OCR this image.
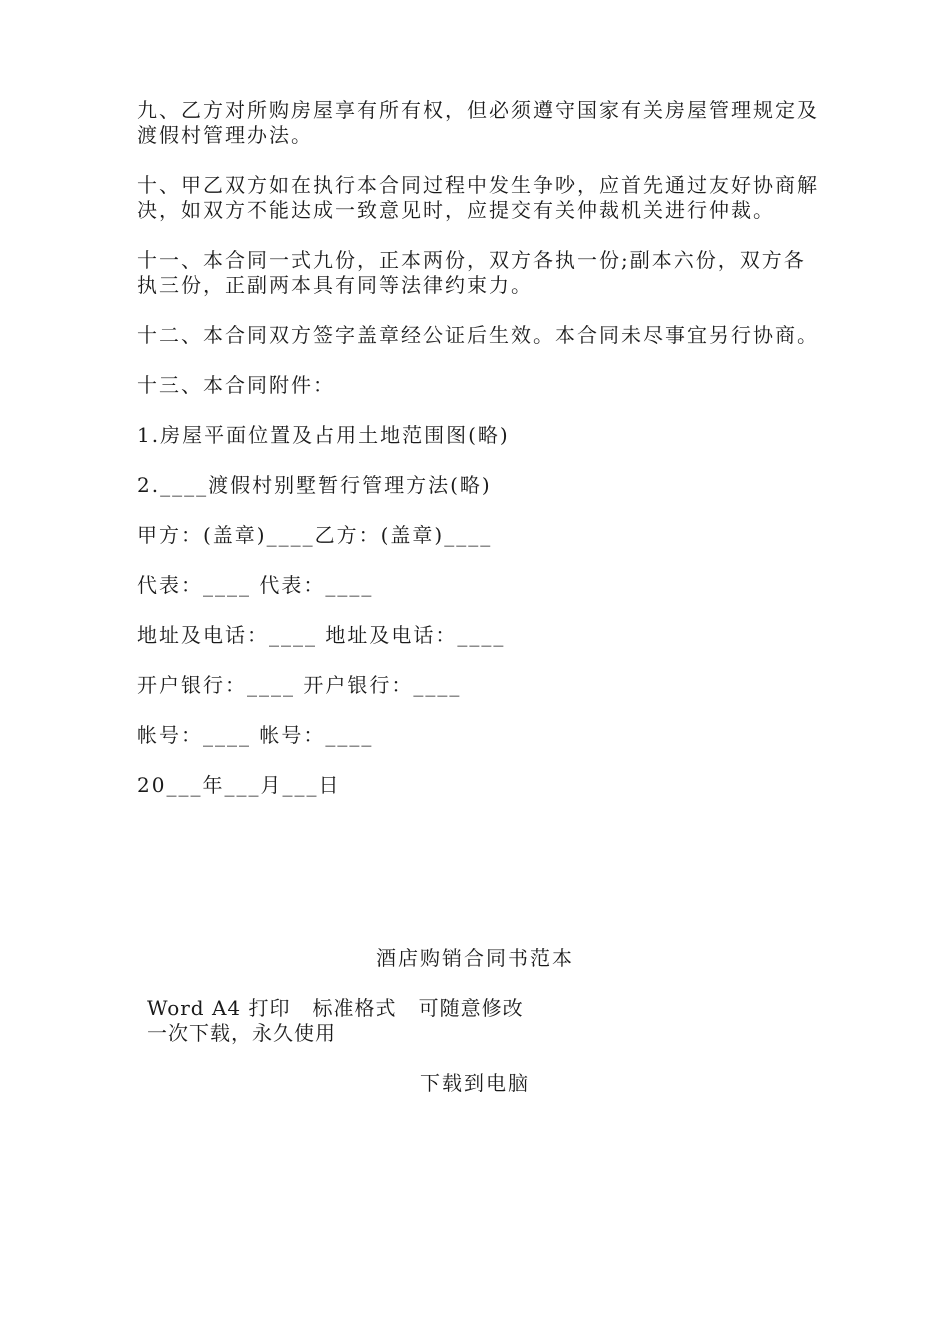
九、乙方对所购房屋享有所有权，但必须遵守国家有关房屋管理规定及渡假村管理办法。
十、甲乙双方如在执行本合同过程中发生争吵，应首先通过友好协商解决，如双方不能达成一致意见时，应提交有关仲裁机关进行仲裁。
十一、本合同一式九份，正本两份，双方各执一份;副本六份，双方各执三份，正副两本具有同等法律约束力。
十二、本合同双方签字盖章经公证后生效。本合同未尽事宜另行协商。
十三、本合同附件：
1.房屋平面位置及占用土地范围图(略)
2.____渡假村别墅暂行管理方法(略)
甲方：(盖章)____乙方：(盖章)____
代表：____ 代表：____
地址及电话：____ 地址及电话：____
开户银行：____ 开户银行：____
帐号：____ 帐号：____
20___年___月___日
酒店购销合同书范本
Word A4 打印   标准格式   可随意修改
一次下载，永久使用
下载到电脑
